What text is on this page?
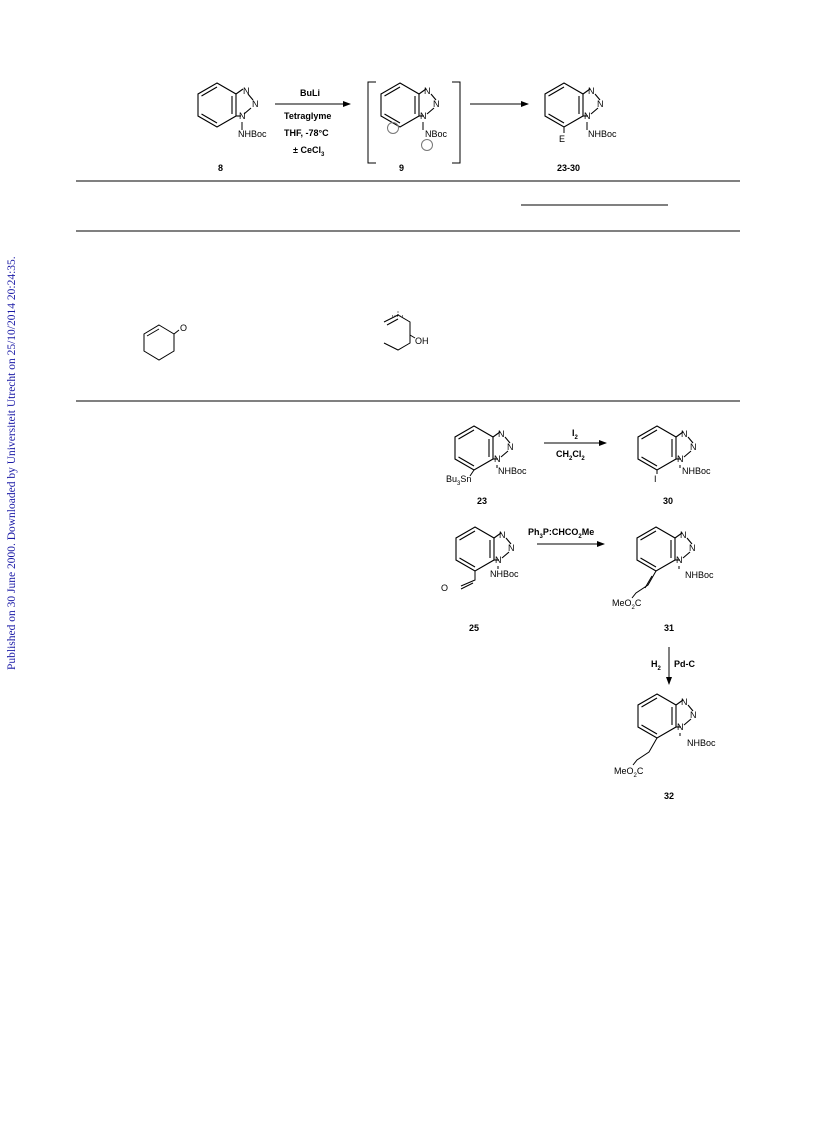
Published on 30 June 2000. Downloaded by Universiteit Utrecht on 25/10/2014 20:24:35.
N
N
N
NHBoc
8
BuLi
Tetraglyme
THF, -78°C
± CeCl$_3$
N
N
N
NBoc
9
N
N
N
NHBoc
E
23-30
O
OH
N
N
N
NHBoc
$Bu_3Sn$
23
$I_2$
$CH_2Cl_2$
N
N
N
NHBoc
I
30
N
N
N
NHBoc
O
25
$Ph_3P:CHCO_2Me$	N
N
N
NHBoc
MeO$_2$C
31
$H_2$ Pd-C
N
N
N
NHBoc
MeO$_2$C
32
